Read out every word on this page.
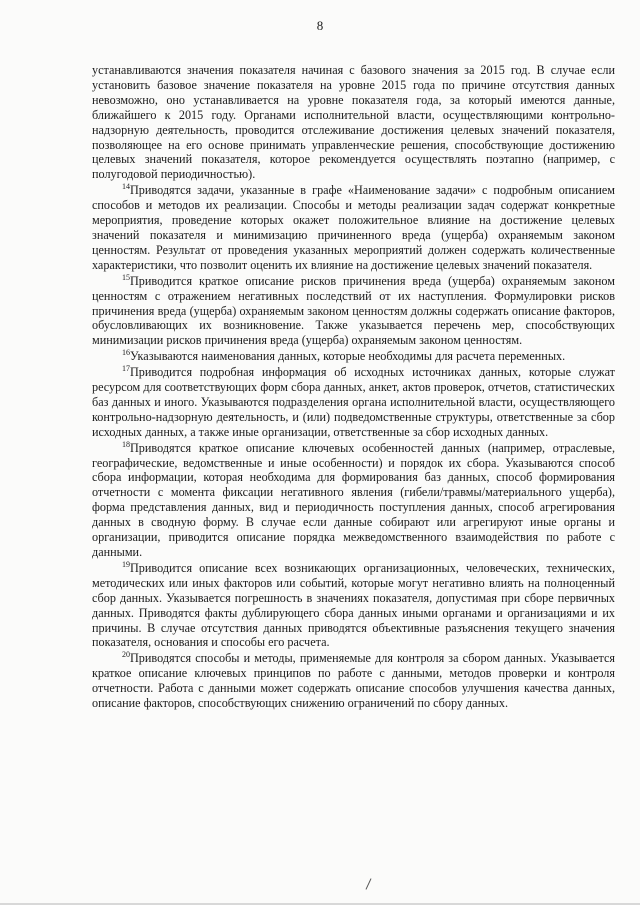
8

устанавливаются значения показателя начиная с базового значения за 2015 год. В случае если установить базовое значение показателя на уровне 2015 года по причине отсутствия данных невозможно, оно устанавливается на уровне показателя года, за который имеются данные, ближайшего к 2015 году. Органами исполнительной власти, осуществляющими контрольно-надзорную деятельность, проводится отслеживание достижения целевых значений показателя, позволяющее на его основе принимать управленческие решения, способствующие достижению целевых значений показателя, которое рекомендуется осуществлять поэтапно (например, с полугодовой периодичностью).

$^{14}$Приводятся задачи, указанные в графе «Наименование задачи» с подробным описанием способов и методов их реализации. Способы и методы реализации задач содержат конкретные мероприятия, проведение которых окажет положительное влияние на достижение целевых значений показателя и минимизацию причиненного вреда (ущерба) охраняемым законом ценностям. Результат от проведения указанных мероприятий должен содержать количественные характеристики, что позволит оценить их влияние на достижение целевых значений показателя.

$^{15}$Приводится краткое описание рисков причинения вреда (ущерба) охраняемым законом ценностям с отражением негативных последствий от их наступления. Формулировки рисков причинения вреда (ущерба) охраняемым законом ценностям должны содержать описание факторов, обусловливающих их возникновение. Также указывается перечень мер, способствующих минимизации рисков причинения вреда (ущерба) охраняемым законом ценностям.

$^{16}$Указываются наименования данных, которые необходимы для расчета переменных.

$^{17}$Приводится подробная информация об исходных источниках данных, которые служат ресурсом для соответствующих форм сбора данных, анкет, актов проверок, отчетов, статистических баз данных и иного. Указываются подразделения органа исполнительной власти, осуществляющего контрольно-надзорную деятельность, и (или) подведомственные структуры, ответственные за сбор исходных данных, а также иные организации, ответственные за сбор исходных данных.

$^{18}$Приводятся краткое описание ключевых особенностей данных (например, отраслевые, географические, ведомственные и иные особенности) и порядок их сбора. Указываются способ сбора информации, которая необходима для формирования баз данных, способ формирования отчетности с момента фиксации негативного явления (гибели/травмы/материального ущерба), форма представления данных, вид и периодичность поступления данных, способ агрегирования данных в сводную форму. В случае если данные собирают или агрегируют иные органы и организации, приводится описание порядка межведомственного взаимодействия по работе с данными.

$^{19}$Приводится описание всех возникающих организационных, человеческих, технических, методических или иных факторов или событий, которые могут негативно влиять на полноценный сбор данных. Указывается погрешность в значениях показателя, допустимая при сборе первичных данных. Приводятся факты дублирующего сбора данных иными органами и организациями и их причины. В случае отсутствия данных приводятся объективные разъяснения текущего значения показателя, основания и способы его расчета.

$^{20}$Приводятся способы и методы, применяемые для контроля за сбором данных. Указывается краткое описание ключевых принципов по работе с данными, методов проверки и контроля отчетности. Работа с данными может содержать описание способов улучшения качества данных, описание факторов, способствующих снижению ограничений по сбору данных.
